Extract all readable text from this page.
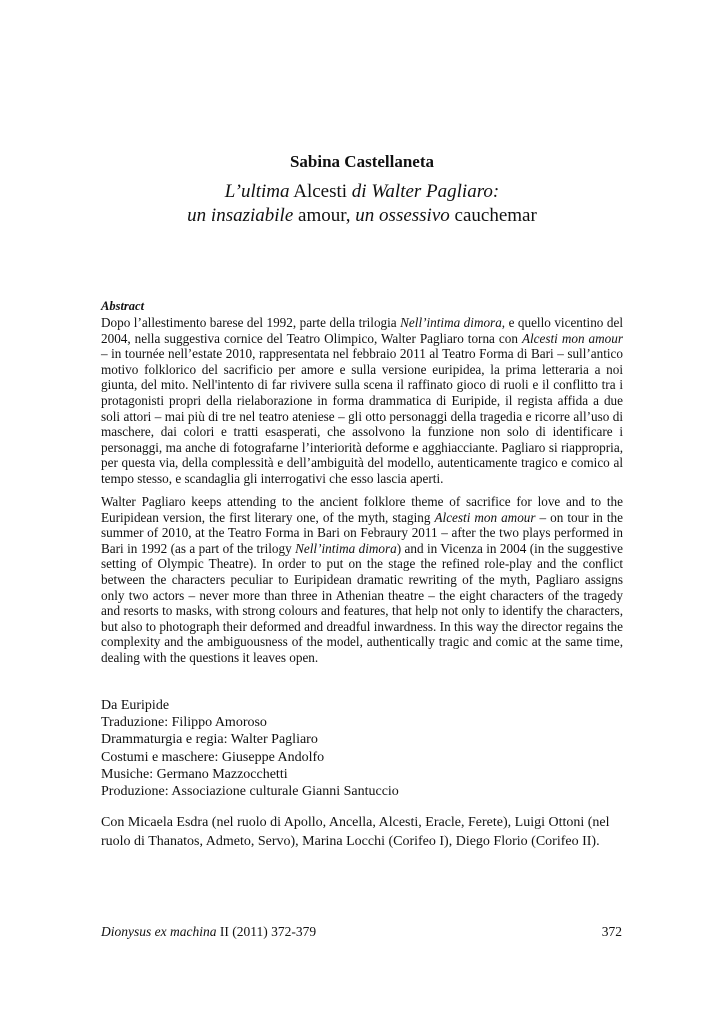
Sabina Castellaneta
L’ultima Alcesti di Walter Pagliaro:
un insaziabile amour, un ossessivo cauchemar
Abstract

Dopo l’allestimento barese del 1992, parte della trilogia Nell’intima dimora, e quello vicentino del 2004, nella suggestiva cornice del Teatro Olimpico, Walter Pagliaro torna con Alcesti mon amour – in tournée nell’estate 2010, rappresentata nel febbraio 2011 al Teatro Forma di Bari – sull’antico motivo folklorico del sacrificio per amore e sulla versione euripidea, la prima letteraria a noi giunta, del mito. Nell'intento di far rivivere sulla scena il raffinato gioco di ruoli e il conflitto tra i protagonisti propri della rielaborazione in forma drammatica di Euripide, il regista affida a due soli attori – mai più di tre nel teatro ateniese – gli otto personaggi della tragedia e ricorre all’uso di maschere, dai colori e tratti esasperati, che assolvono la funzione non solo di identificare i personaggi, ma anche di fotografarne l’interiorità deforme e agghiacciante. Pagliaro si riappropria, per questa via, della complessità e dell’ambiguità del modello, autenticamente tragico e comico al tempo stesso, e scandaglia gli interrogativi che esso lascia aperti.

Walter Pagliaro keeps attending to the ancient folklore theme of sacrifice for love and to the Euripidean version, the first literary one, of the myth, staging Alcesti mon amour – on tour in the summer of 2010, at the Teatro Forma in Bari on Febraury 2011 – after the two plays performed in Bari in 1992 (as a part of the trilogy Nell’intima dimora) and in Vicenza in 2004 (in the suggestive setting of Olympic Theatre). In order to put on the stage the refined role-play and the conflict between the characters peculiar to Euripidean dramatic rewriting of the myth, Pagliaro assigns only two actors – never more than three in Athenian theatre – the eight characters of the tragedy and resorts to masks, with strong colours and features, that help not only to identify the characters, but also to photograph their deformed and dreadful inwardness. In this way the director regains the complexity and the ambiguousness of the model, authentically tragic and comic at the same time, dealing with the questions it leaves open.

Da Euripide
Traduzione: Filippo Amoroso
Drammaturgia e regia: Walter Pagliaro
Costumi e maschere: Giuseppe Andolfo
Musiche: Germano Mazzocchetti
Produzione: Associazione culturale Gianni Santuccio

Con Micaela Esdra (nel ruolo di Apollo, Ancella, Alcesti, Eracle, Ferete), Luigi Ottoni (nel ruolo di Thanatos, Admeto, Servo), Marina Locchi (Corifeo I), Diego Florio (Corifeo II).

Dionysus ex machina II (2011) 372-379	372
